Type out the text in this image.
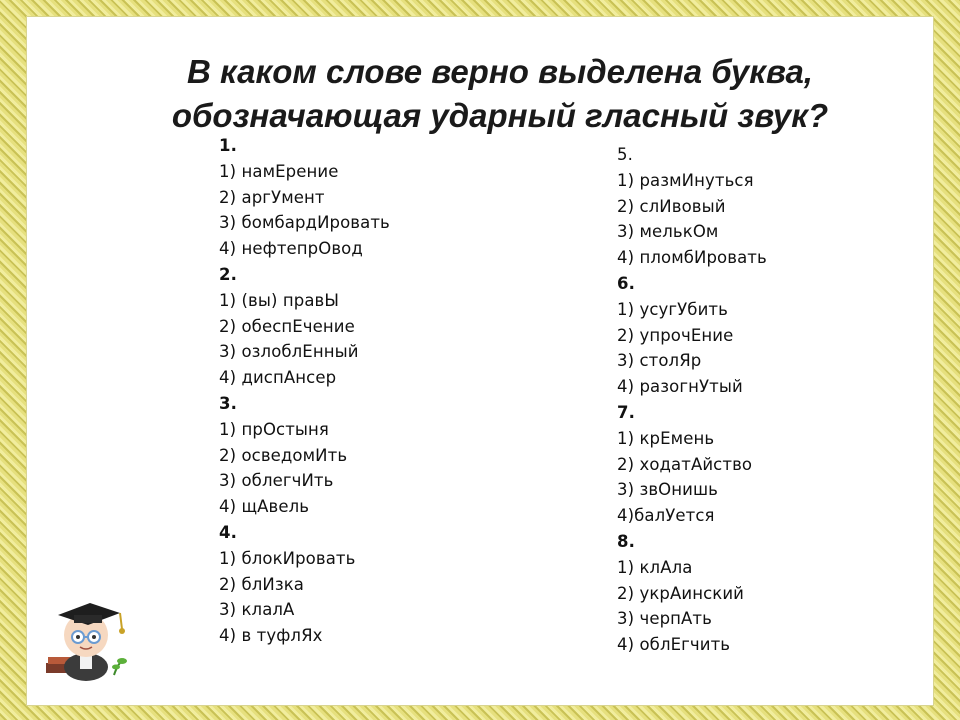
В каком слове верно выделена буква,
обозначающая ударный гласный звук?
1.
1) намЕрение
2) аргУмент
3) бомбардИровать
4) нефтепрОвод
2.
1) (вы) правЫ
2) обеспЕчение
3) озлоблЕнный
4) диспАнсер
3.
1) прОстыня
2) осведомИть
3) облегчИть
4) щАвель
4.
1) блокИровать
2) блИзка
3) клалА
4) в туфлЯх
5.
1) размИнуться
2) слИвовый
3) мелькОм
4) пломбИровать
6.
1) усугУбить
2) упрочЕние
3) столЯр
4) разогнУтый
7.
1) крЕмень
2) ходатАйство
3) звОнишь
4)балУется
8.
1) клАла
2) укрАинский
3) черпАть
4) облЕгчить
